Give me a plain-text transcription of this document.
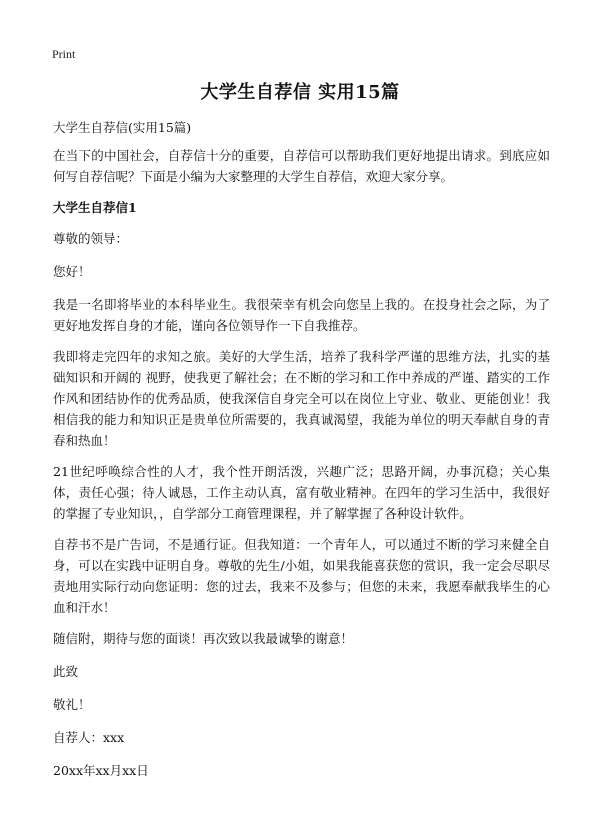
Print
大学生自荐信 实用15篇

大学生自荐信(实用15篇)

在当下的中国社会，自荐信十分的重要，自荐信可以帮助我们更好地提出请求。到底应如何写自荐信呢？下面是小编为大家整理的大学生自荐信，欢迎大家分享。

大学生自荐信1

尊敬的领导：

您好！

我是一名即将毕业的本科毕业生。我很荣幸有机会向您呈上我的。在投身社会之际，为了更好地发挥自身的才能，谨向各位领导作一下自我推荐。

我即将走完四年的求知之旅。美好的大学生活，培养了我科学严谨的思维方法，扎实的基础知识和开阔的 视野，使我更了解社会；在不断的学习和工作中养成的严谨、踏实的工作作风和团结协作的优秀品质，使我深信自身完全可以在岗位上守业、敬业、更能创业！我相信我的能力和知识正是贵单位所需要的，我真诚渴望，我能为单位的明天奉献自身的青春和热血！

21世纪呼唤综合性的人才，我个性开朗活泼，兴趣广泛；思路开阔，办事沉稳；关心集体，责任心强；待人诚恳，工作主动认真，富有敬业精神。在四年的学习生活中，我很好的掌握了专业知识，，自学部分工商管理课程，并了解掌握了各种设计软件。

自荐书不是广告词，不是通行证。但我知道：一个青年人，可以通过不断的学习来健全自身，可以在实践中证明自身。尊敬的先生/小姐，如果我能喜获您的赏识，我一定会尽职尽责地用实际行动向您证明：您的过去，我来不及参与；但您的未来，我愿奉献我毕生的心血和汗水！

随信附，期待与您的面谈！再次致以我最诚挚的谢意！

此致

敬礼！

自荐人：xxx

20xx年xx月xx日
